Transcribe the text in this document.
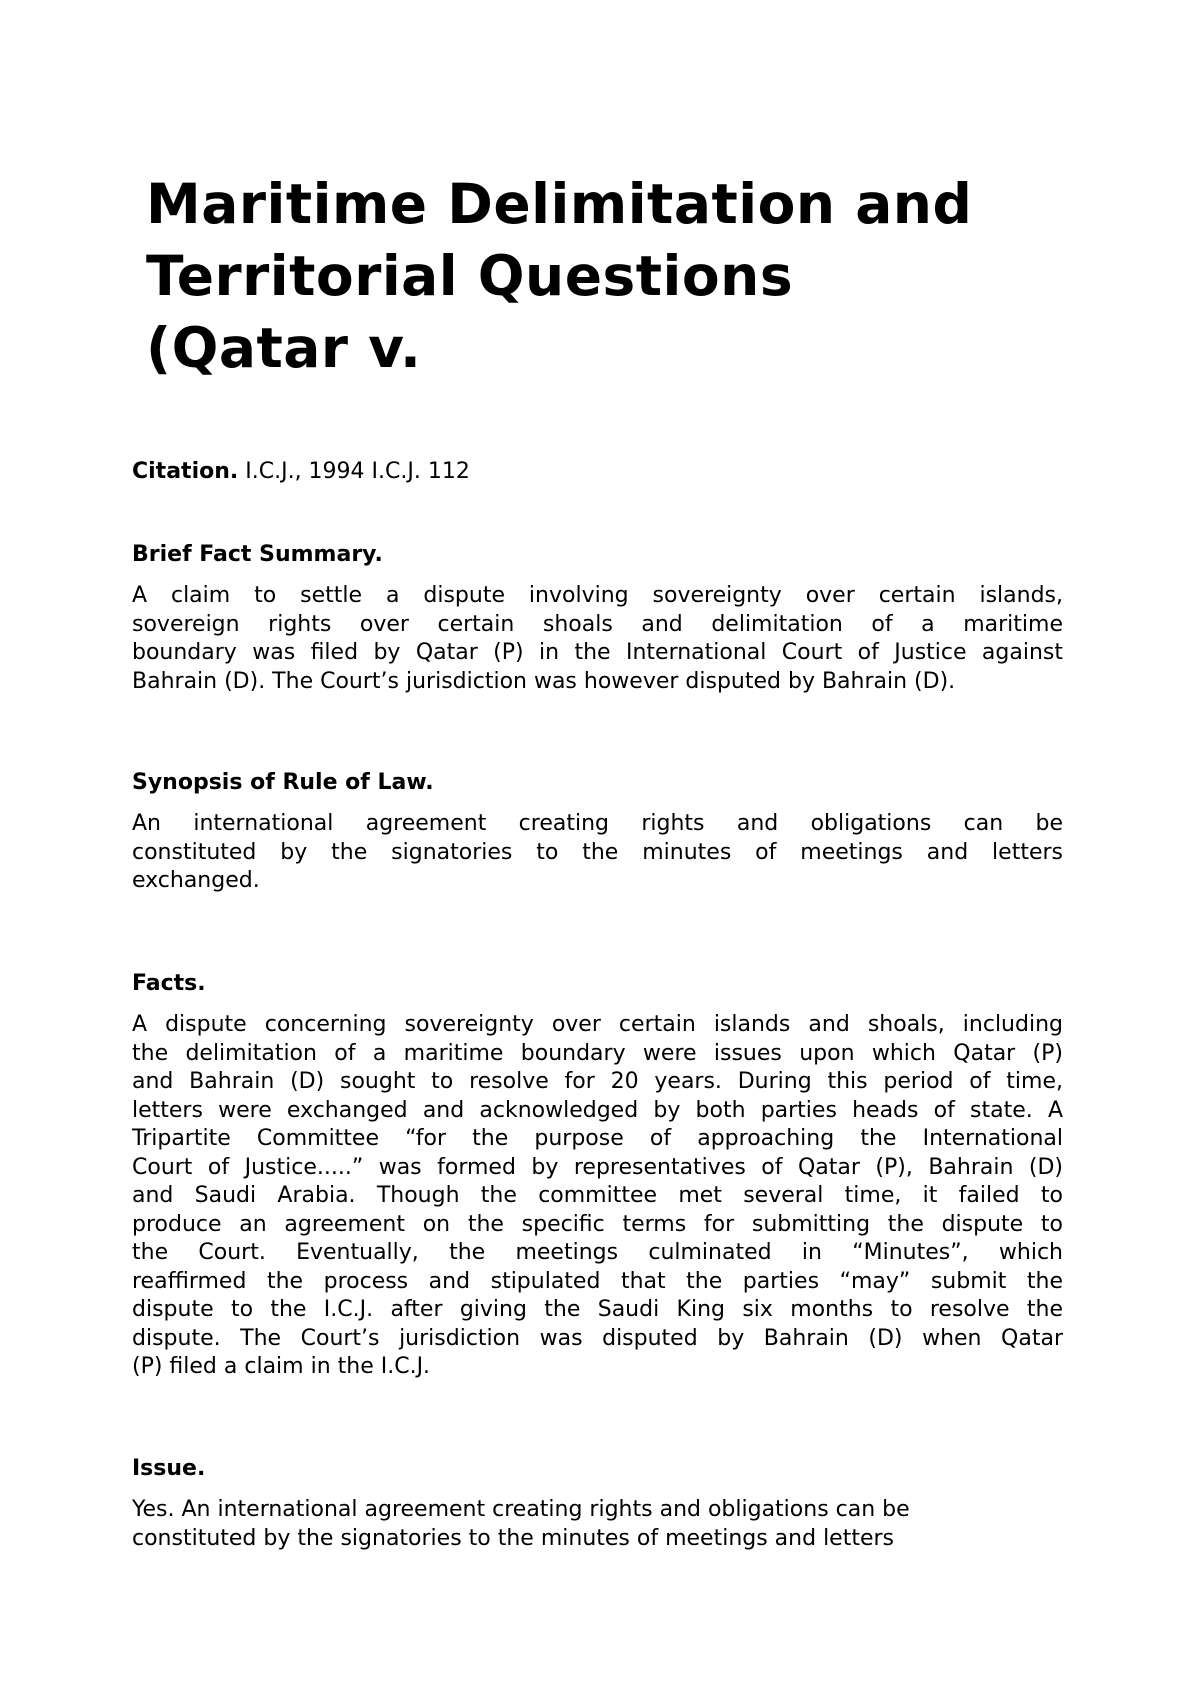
Maritime Delimitation and
Territorial Questions
(Qatar v.
Citation. I.C.J., 1994 I.C.J. 112

Brief Fact Summary.

A claim to settle a dispute involving sovereignty over certain islands,
sovereign rights over certain shoals and delimitation of a maritime
boundary was filed by Qatar (P) in the International Court of Justice against
Bahrain (D). The Court’s jurisdiction was however disputed by Bahrain (D).

Synopsis of Rule of Law.

An international agreement creating rights and obligations can be
constituted by the signatories to the minutes of meetings and letters
exchanged.

Facts.

A dispute concerning sovereignty over certain islands and shoals, including
the delimitation of a maritime boundary were issues upon which Qatar (P)
and Bahrain (D) sought to resolve for 20 years. During this period of time,
letters were exchanged and acknowledged by both parties heads of state. A
Tripartite Committee “for the purpose of approaching the International
Court of Justice.....” was formed by representatives of Qatar (P), Bahrain (D)
and Saudi Arabia. Though the committee met several time, it failed to
produce an agreement on the specific terms for submitting the dispute to
the Court. Eventually, the meetings culminated in “Minutes”, which
reaffirmed the process and stipulated that the parties “may” submit the
dispute to the I.C.J. after giving the Saudi King six months to resolve the
dispute. The Court’s jurisdiction was disputed by Bahrain (D) when Qatar
(P) filed a claim in the I.C.J.

Issue.

Yes. An international agreement creating rights and obligations can be
constituted by the signatories to the minutes of meetings and letters
